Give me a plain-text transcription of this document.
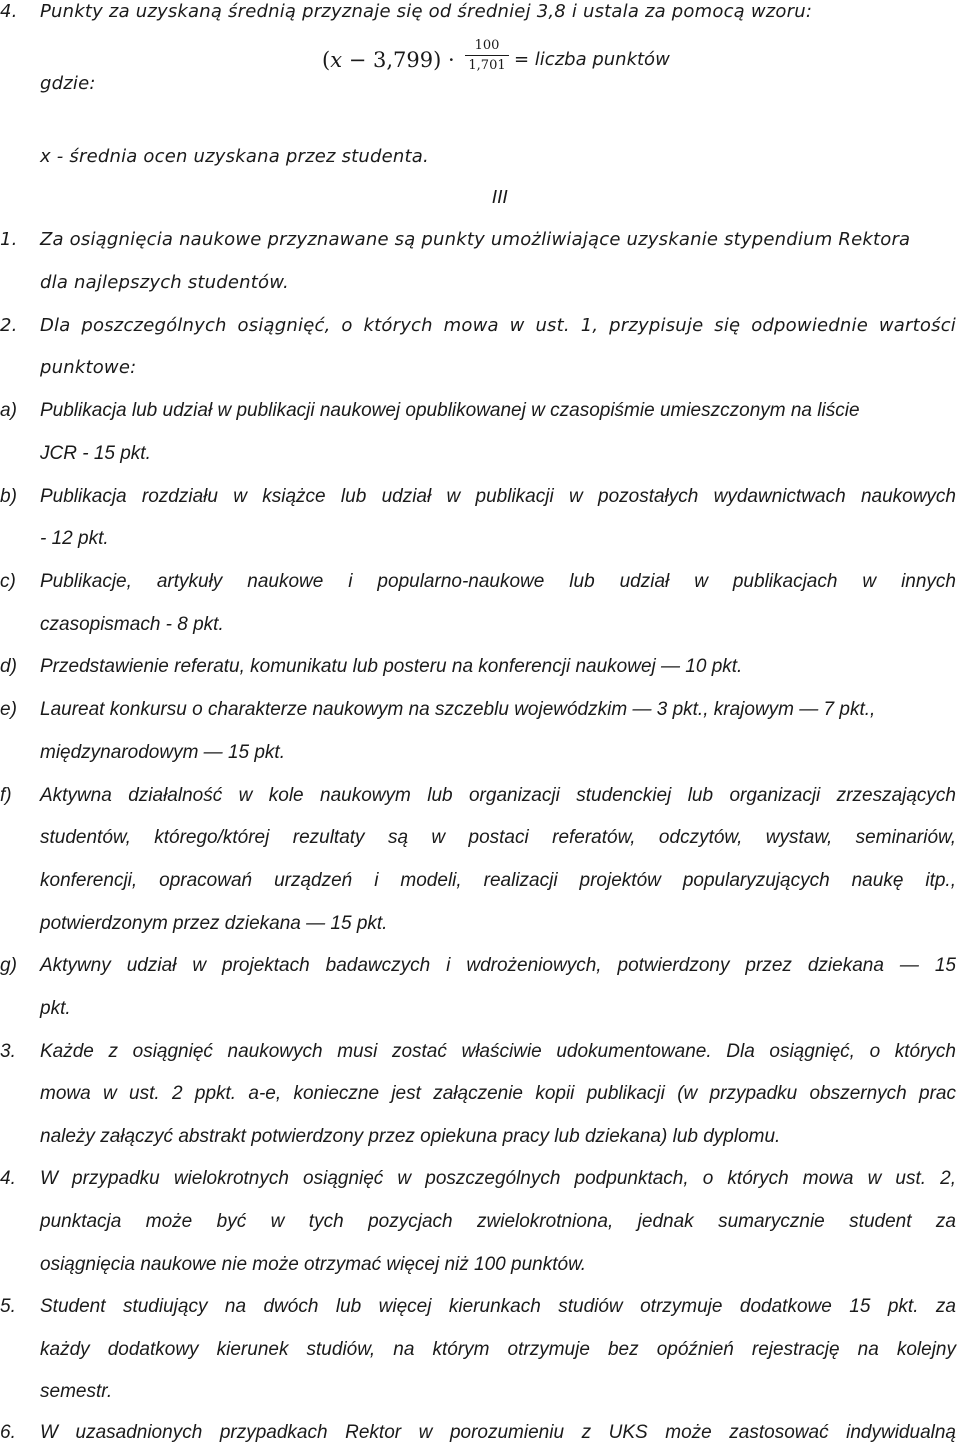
4. Punkty za uzyskaną średnią przyznaje się od średniej 3,8 i ustala za pomocą wzoru:
(𝑥 − 3,799) ·
100
1,701 = liczba punktów
gdzie:
x - średnia ocen uzyskana przez studenta.
III
1. Za osiągnięcia naukowe przyznawane są punkty umożliwiające uzyskanie stypendium Rektora
dla najlepszych studentów.
2. Dla poszczególnych osiągnięć, o których mowa w ust. 1, przypisuje się odpowiednie wartości
punktowe:
a) Publikacja lub udział w publikacji naukowej opublikowanej w czasopiśmie umieszczonym na liście
JCR - 15 pkt.
b) Publikacja rozdziału w książce lub udział w publikacji w pozostałych wydawnictwach naukowych
- 12 pkt.
c) Publikacje, artykuły naukowe i popularno-naukowe lub udział w publikacjach w innych
czasopismach - 8 pkt.
d) Przedstawienie referatu, komunikatu lub posteru na konferencji naukowej — 10 pkt.
e) Laureat konkursu o charakterze naukowym na szczeblu wojewódzkim — 3 pkt., krajowym — 7 pkt.,
międzynarodowym — 15 pkt.
f) Aktywna działalność w kole naukowym lub organizacji studenckiej lub organizacji zrzeszających
studentów, którego/której rezultaty są w postaci referatów, odczytów, wystaw, seminariów,
konferencji, opracowań urządzeń i modeli, realizacji projektów popularyzujących naukę itp.,
potwierdzonym przez dziekana — 15 pkt.
g) Aktywny udział w projektach badawczych i wdrożeniowych, potwierdzony przez dziekana — 15
pkt.
3. Każde z osiągnięć naukowych musi zostać właściwie udokumentowane. Dla osiągnięć, o których
mowa w ust. 2 ppkt. a-e, konieczne jest załączenie kopii publikacji (w przypadku obszernych prac
należy załączyć abstrakt potwierdzony przez opiekuna pracy lub dziekana) lub dyplomu.
4. W przypadku wielokrotnych osiągnięć w poszczególnych podpunktach, o których mowa w ust. 2,
punktacja może być w tych pozycjach zwielokrotniona, jednak sumarycznie student za
osiągnięcia naukowe nie może otrzymać więcej niż 100 punktów.
5. Student studiujący na dwóch lub więcej kierunkach studiów otrzymuje dodatkowe 15 pkt. za
każdy dodatkowy kierunek studiów, na którym otrzymuje bez opóźnień rejestrację na kolejny
semestr.
6. W uzasadnionych przypadkach Rektor w porozumieniu z UKS może zastosować indywidualną
